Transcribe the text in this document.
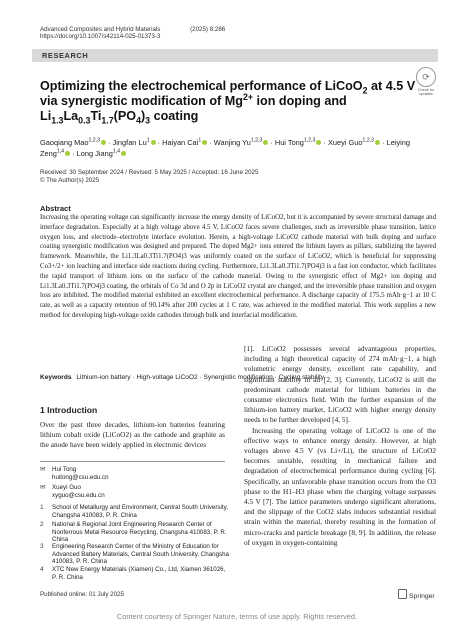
Advanced Composites and Hybrid Materials	(2025) 8:286
https://doi.org/10.1007/s42114-025-01373-3
RESEARCH
⟳
Check for updates
Optimizing the electrochemical performance of LiCoO$_2$ at 4.5 V via synergistic modification of $Mg^{2+}$ ion doping and $Li_{1.3}La_{0.3}Ti_{1.7}(PO_4)_3$ coating
Gaoqiang Mao$^{1,2,3}$ · Jingfan $Lu^1$ · Haiyan Cai$^1$ · Wanjing Yu$^{1,2,3}$ · Hui Tong$^{1,2,3}$ · Xueyi Guo$^{1,2,3}$ · Leiying Zeng$^{1,4}$ · Long Jiang$^{1,4}$
Received: 30 September 2024 / Revised: 5 May 2025 / Accepted: 16 June 2025
© The Author(s) 2025
Abstract
Increasing the operating voltage can significantly increase the energy density of LiCoO2, but it is accompanied by severe structural damage and interface degradation. Especially at a high voltage above 4.5 V, LiCoO2 faces severe challenges, such as irreversible phase transition, lattice oxygen loss, and electrode–electrolyte interface evolution. Herein, a high-voltage LiCoO2 cathode material with bulk doping and surface coating synergistic modification was designed and prepared. The doped Mg2+ ions entered the lithium layers as pillars, stabilizing the layered framework. Meanwhile, the Li1.3La0.3Ti1.7(PO4)3 was uniformly coated on the surface of LiCoO2, which is beneficial for suppressing Co3+/2+ ion leaching and interface side reactions during cycling. Furthermore, Li1.3La0.3Ti1.7(PO4)3 is a fast ion conductor, which facilitates the rapid transport of lithium ions on the surface of the cathode material. Owing to the synergistic effect of Mg2+ ion doping and Li1.3La0.3Ti1.7(PO4)3 coating, the orbitals of Co 3d and O 2p in LiCoO2 crystal are changed, and the irreversible phase transition and oxygen loss are inhibited. The modified material exhibited an excellent electrochemical performance. A discharge capacity of 175.5 mAh·g−1 at 10 C rate, as well as a capacity retention of 90.14% after 200 cycles at 1 C rate, was achieved in the modified material. This work supplies a new method for developing high-voltage oxide cathodes through bulk and interfacial modification.
Keywords Lithium-ion battery · High-voltage LiCoO2 · Synergistic modification · Cycling stability
1 Introduction
Over the past three decades, lithium-ion batteries featuring lithium cobalt oxide (LiCoO2) as the cathode and graphite as the anode have been widely applied in electronic devices
✉ Hui Tong
huitong@csu.edu.cn
✉ Xueyi Guo
xyguo@csu.edu.cn
1 School of Metallurgy and Environment, Central South University, Changsha 410083, P. R. China
2 National & Regional Joint Engineering Research Center of Nonferrous Metal Resource Recycling, Changsha 410083, P. R. China
3 Engineering Research Center of the Ministry of Education for Advanced Battery Materials, Central South University, Changsha 410083, P. R. China
4 XTC New Energy Materials (Xiamen) Co., Ltd, Xiamen 361026, P. R. China

[1]. LiCoO2 possesses several advantageous properties, including a high theoretical capacity of 274 mAh·g−1, a high volumetric energy density, excellent rate capability, and significant stability in air [2, 3]. Currently, LiCoO2 is still the predominant cathode material for lithium batteries in the consumer electronics field. With the further expansion of the lithium-ion battery market, LiCoO2 with higher energy density needs to be further developed [4, 5].

Increasing the operating voltage of LiCoO2 is one of the effective ways to enhance energy density. However, at high voltages above 4.5 V (vs Li+/Li), the structure of LiCoO2 becomes unstable, resulting in mechanical failure and degradation of electrochemical performance during cycling [6]. Specifically, an unfavorable phase transition occurs from the O3 phase to the H1–H3 phase when the charging voltage surpasses 4.5 V [7]. The lattice parameters undergo significant alterations, and the slippage of the CoO2 slabs induces substantial residual strain within the material, thereby resulting in the formation of micro-cracks and particle breakage [8, 9]. In addition, the release of oxygen in oxygen-containing

Published online: 01 July 2025	Springer
Content courtesy of Springer Nature, terms of use apply. Rights reserved.
